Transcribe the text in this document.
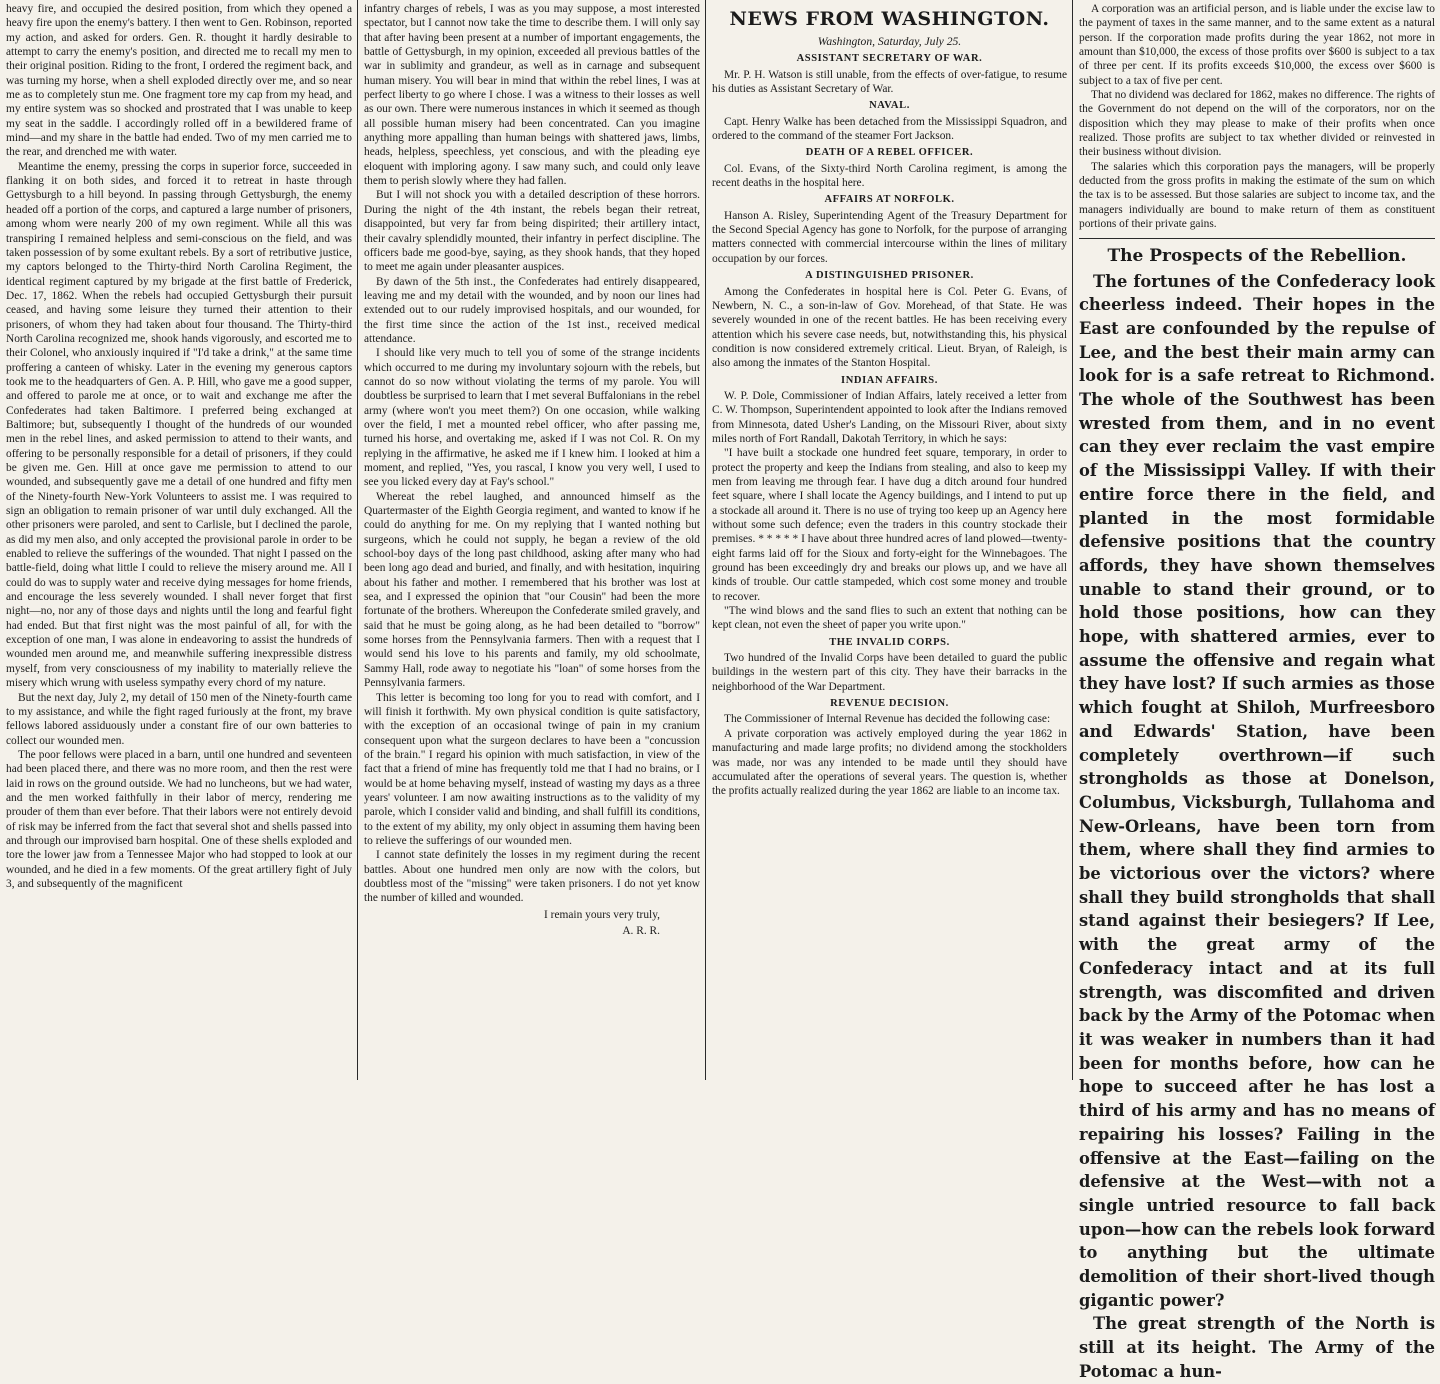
heavy fire, and occupied the desired position, from which they opened a heavy fire upon the enemy's battery. I then went to Gen. Robinson, reported my action, and asked for orders. Gen. R. thought it hardly desirable to attempt to carry the enemy's position, and directed me to recall my men to their original position. Riding to the front, I ordered the regiment back, and was turning my horse, when a shell exploded directly over me, and so near me as to completely stun me. One fragment tore my cap from my head, and my entire system was so shocked and prostrated that I was unable to keep my seat in the saddle. I accordingly rolled off in a bewildered frame of mind—and my share in the battle had ended. Two of my men carried me to the rear, and drenched me with water.

Meantime the enemy, pressing the corps in superior force, succeeded in flanking it on both sides, and forced it to retreat in haste through Gettysburgh to a hill beyond. In passing through Gettysburgh, the enemy headed off a portion of the corps, and captured a large number of prisoners, among whom were nearly 200 of my own regiment. While all this was transpiring I remained helpless and semi-conscious on the field, and was taken possession of by some exultant rebels. By a sort of retributive justice, my captors belonged to the Thirty-third North Carolina Regiment, the identical regiment captured by my brigade at the first battle of Frederick, Dec. 17, 1862. When the rebels had occupied Gettysburgh their pursuit ceased, and having some leisure they turned their attention to their prisoners, of whom they had taken about four thousand. The Thirty-third North Carolina recognized me, shook hands vigorously, and escorted me to their Colonel, who anxiously inquired if "I'd take a drink," at the same time proffering a canteen of whisky. Later in the evening my generous captors took me to the headquarters of Gen. A. P. Hill, who gave me a good supper, and offered to parole me at once, or to wait and exchange me after the Confederates had taken Baltimore. I preferred being exchanged at Baltimore; but, subsequently I thought of the hundreds of our wounded men in the rebel lines, and asked permission to attend to their wants, and offering to be personally responsible for a detail of prisoners, if they could be given me. Gen. Hill at once gave me permission to attend to our wounded, and subsequently gave me a detail of one hundred and fifty men of the Ninety-fourth New-York Volunteers to assist me. I was required to sign an obligation to remain prisoner of war until duly exchanged. All the other prisoners were paroled, and sent to Carlisle, but I declined the parole, as did my men also, and only accepted the provisional parole in order to be enabled to relieve the sufferings of the wounded. That night I passed on the battle-field, doing what little I could to relieve the misery around me. All I could do was to supply water and receive dying messages for home friends, and encourage the less severely wounded. I shall never forget that first night—no, nor any of those days and nights until the long and fearful fight had ended. But that first night was the most painful of all, for with the exception of one man, I was alone in endeavoring to assist the hundreds of wounded men around me, and meanwhile suffering inexpressible distress myself, from very consciousness of my inability to materially relieve the misery which wrung with useless sympathy every chord of my nature.

But the next day, July 2, my detail of 150 men of the Ninety-fourth came to my assistance, and while the fight raged furiously at the front, my brave fellows labored assiduously under a constant fire of our own batteries to collect our wounded men.

The poor fellows were placed in a barn, until one hundred and seventeen had been placed there, and there was no more room, and then the rest were laid in rows on the ground outside. We had no luncheons, but we had water, and the men worked faithfully in their labor of mercy, rendering me prouder of them than ever before. That their labors were not entirely devoid of risk may be inferred from the fact that several shot and shells passed into and through our improvised barn hospital. One of these shells exploded and tore the lower jaw from a Tennessee Major who had stopped to look at our wounded, and he died in a few moments. Of the great artillery fight of July 3, and subsequently of the magnificent

infantry charges of rebels, I was as you may suppose, a most interested spectator, but I cannot now take the time to describe them. I will only say that after having been present at a number of important engagements, the battle of Gettysburgh, in my opinion, exceeded all previous battles of the war in sublimity and grandeur, as well as in carnage and subsequent human misery. You will bear in mind that within the rebel lines, I was at perfect liberty to go where I chose. I was a witness to their losses as well as our own. There were numerous instances in which it seemed as though all possible human misery had been concentrated. Can you imagine anything more appalling than human beings with shattered jaws, limbs, heads, helpless, speechless, yet conscious, and with the pleading eye eloquent with imploring agony. I saw many such, and could only leave them to perish slowly where they had fallen.

But I will not shock you with a detailed description of these horrors. During the night of the 4th instant, the rebels began their retreat, disappointed, but very far from being dispirited; their artillery intact, their cavalry splendidly mounted, their infantry in perfect discipline. The officers bade me good-bye, saying, as they shook hands, that they hoped to meet me again under pleasanter auspices.

By dawn of the 5th inst., the Confederates had entirely disappeared, leaving me and my detail with the wounded, and by noon our lines had extended out to our rudely improvised hospitals, and our wounded, for the first time since the action of the 1st inst., received medical attendance.

I should like very much to tell you of some of the strange incidents which occurred to me during my involuntary sojourn with the rebels, but cannot do so now without violating the terms of my parole. You will doubtless be surprised to learn that I met several Buffalonians in the rebel army (where won't you meet them?) On one occasion, while walking over the field, I met a mounted rebel officer, who after passing me, turned his horse, and overtaking me, asked if I was not Col. R. On my replying in the affirmative, he asked me if I knew him. I looked at him a moment, and replied, "Yes, you rascal, I know you very well, I used to see you licked every day at Fay's school."

Whereat the rebel laughed, and announced himself as the Quartermaster of the Eighth Georgia regiment, and wanted to know if he could do anything for me. On my replying that I wanted nothing but surgeons, which he could not supply, he began a review of the old school-boy days of the long past childhood, asking after many who had been long ago dead and buried, and finally, and with hesitation, inquiring about his father and mother. I remembered that his brother was lost at sea, and I expressed the opinion that "our Cousin" had been the more fortunate of the brothers. Whereupon the Confederate smiled gravely, and said that he must be going along, as he had been detailed to "borrow" some horses from the Pennsylvania farmers. Then with a request that I would send his love to his parents and family, my old schoolmate, Sammy Hall, rode away to negotiate his "loan" of some horses from the Pennsylvania farmers.

This letter is becoming too long for you to read with comfort, and I will finish it forthwith. My own physical condition is quite satisfactory, with the exception of an occasional twinge of pain in my cranium consequent upon what the surgeon declares to have been a "concussion of the brain." I regard his opinion with much satisfaction, in view of the fact that a friend of mine has frequently told me that I had no brains, or I would be at home behaving myself, instead of wasting my days as a three years' volunteer. I am now awaiting instructions as to the validity of my parole, which I consider valid and binding, and shall fulfill its conditions, to the extent of my ability, my only object in assuming them having been to relieve the sufferings of our wounded men.

I cannot state definitely the losses in my regiment during the recent battles. About one hundred men only are now with the colors, but doubtless most of the "missing" were taken prisoners. I do not yet know the number of killed and wounded.

I remain yours very truly,

A. R. R.

NEWS FROM WASHINGTON.
Washington, Saturday, July 25.
ASSISTANT SECRETARY OF WAR.

Mr. P. H. Watson is still unable, from the effects of over-fatigue, to resume his duties as Assistant Secretary of War.

NAVAL.

Capt. Henry Walke has been detached from the Mississippi Squadron, and ordered to the command of the steamer Fort Jackson.

DEATH OF A REBEL OFFICER.

Col. Evans, of the Sixty-third North Carolina regiment, is among the recent deaths in the hospital here.

AFFAIRS AT NORFOLK.

Hanson A. Risley, Superintending Agent of the Treasury Department for the Second Special Agency has gone to Norfolk, for the purpose of arranging matters connected with commercial intercourse within the lines of military occupation by our forces.

A DISTINGUISHED PRISONER.

Among the Confederates in hospital here is Col. Peter G. Evans, of Newbern, N. C., a son-in-law of Gov. Morehead, of that State. He was severely wounded in one of the recent battles. He has been receiving every attention which his severe case needs, but, notwithstanding this, his physical condition is now considered extremely critical. Lieut. Bryan, of Raleigh, is also among the inmates of the Stanton Hospital.

INDIAN AFFAIRS.

W. P. Dole, Commissioner of Indian Affairs, lately received a letter from C. W. Thompson, Superintendent appointed to look after the Indians removed from Minnesota, dated Usher's Landing, on the Missouri River, about sixty miles north of Fort Randall, Dakotah Territory, in which he says:

"I have built a stockade one hundred feet square, temporary, in order to protect the property and keep the Indians from stealing, and also to keep my men from leaving me through fear. I have dug a ditch around four hundred feet square, where I shall locate the Agency buildings, and I intend to put up a stockade all around it. There is no use of trying too keep up an Agency here without some such defence; even the traders in this country stockade their premises. * * * * * I have about three hundred acres of land plowed—twenty-eight farms laid off for the Sioux and forty-eight for the Winnebagoes. The ground has been exceedingly dry and breaks our plows up, and we have all kinds of trouble. Our cattle stampeded, which cost some money and trouble to recover.

"The wind blows and the sand flies to such an extent that nothing can be kept clean, not even the sheet of paper you write upon."

THE INVALID CORPS.

Two hundred of the Invalid Corps have been detailed to guard the public buildings in the western part of this city. They have their barracks in the neighborhood of the War Department.

REVENUE DECISION.

The Commissioner of Internal Revenue has decided the following case:

A private corporation was actively employed during the year 1862 in manufacturing and made large profits; no dividend among the stockholders was made, nor was any intended to be made until they should have accumulated after the operations of several years. The question is, whether the profits actually realized during the year 1862 are liable to an income tax.

A corporation was an artificial person, and is liable under the excise law to the payment of taxes in the same manner, and to the same extent as a natural person. If the corporation made profits during the year 1862, not more in amount than $10,000, the excess of those profits over $600 is subject to a tax of three per cent. If its profits exceeds $10,000, the excess over $600 is subject to a tax of five per cent.

That no dividend was declared for 1862, makes no difference. The rights of the Government do not depend on the will of the corporators, nor on the disposition which they may please to make of their profits when once realized. Those profits are subject to tax whether divided or reinvested in their business without division.

The salaries which this corporation pays the managers, will be properly deducted from the gross profits in making the estimate of the sum on which the tax is to be assessed. But those salaries are subject to income tax, and the managers individually are bound to make return of them as constituent portions of their private gains.

The Prospects of the Rebellion.

The fortunes of the Confederacy look cheerless indeed. Their hopes in the East are confounded by the repulse of Lee, and the best their main army can look for is a safe retreat to Richmond. The whole of the Southwest has been wrested from them, and in no event can they ever reclaim the vast empire of the Mississippi Valley. If with their entire force there in the field, and planted in the most formidable defensive positions that the country affords, they have shown themselves unable to stand their ground, or to hold those positions, how can they hope, with shattered armies, ever to assume the offensive and regain what they have lost? If such armies as those which fought at Shiloh, Murfreesboro and Edwards' Station, have been completely overthrown—if such strongholds as those at Donelson, Columbus, Vicksburgh, Tullahoma and New-Orleans, have been torn from them, where shall they find armies to be victorious over the victors? where shall they build strongholds that shall stand against their besiegers? If Lee, with the great army of the Confederacy intact and at its full strength, was discomfited and driven back by the Army of the Potomac when it was weaker in numbers than it had been for months before, how can he hope to succeed after he has lost a third of his army and has no means of repairing his losses? Failing in the offensive at the East—failing on the defensive at the West—with not a single untried resource to fall back upon—how can the rebels look forward to anything but the ultimate demolition of their short-lived though gigantic power?

The great strength of the North is still at its height. The Army of the Potomac a hun-
